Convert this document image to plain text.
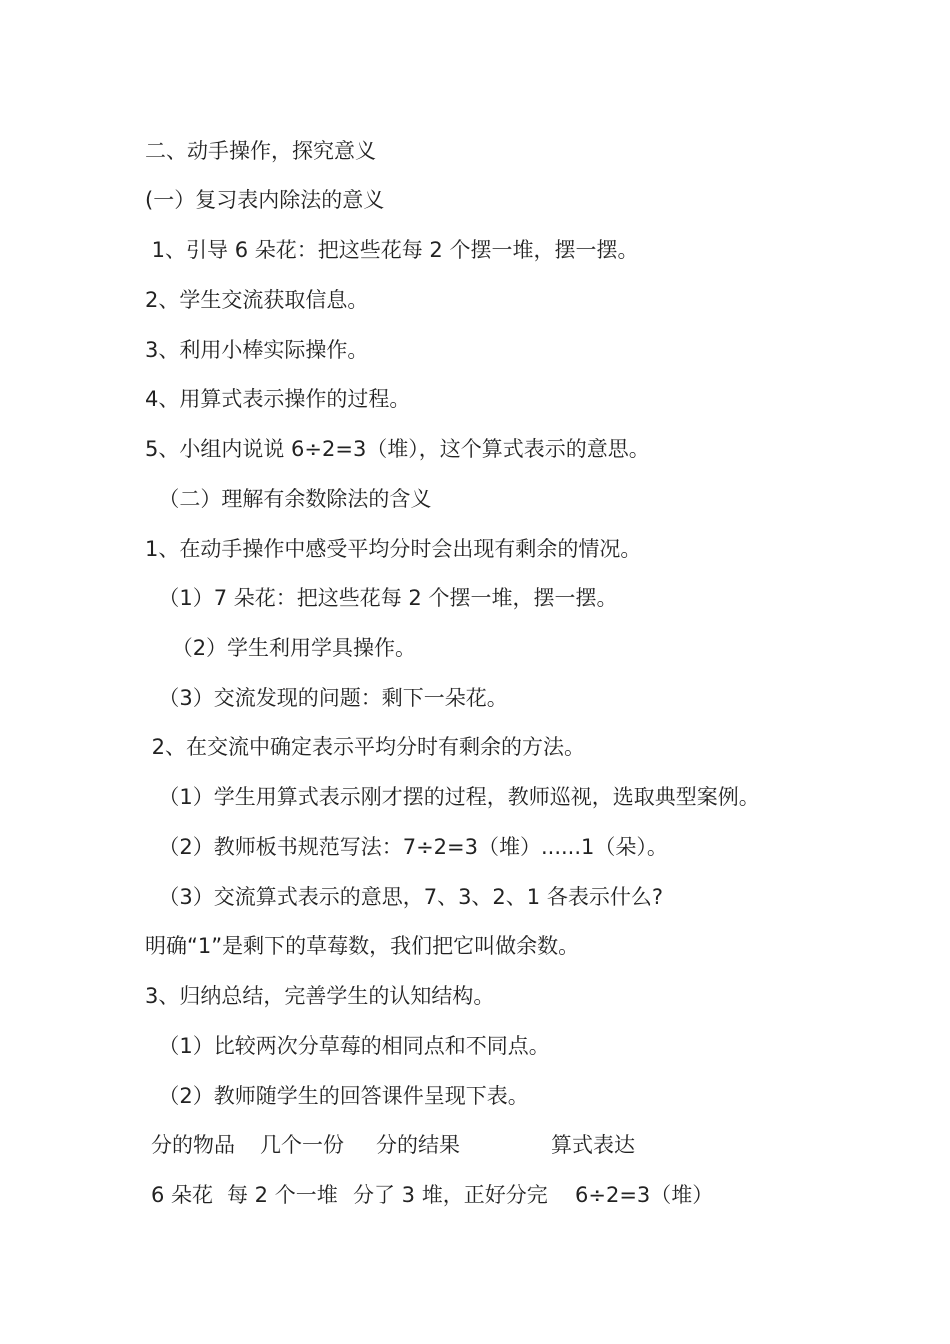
二、动手操作，探究意义
(一）复习表内除法的意义
1、引导 6 朵花：把这些花每 2 个摆一堆，摆一摆。
2、学生交流获取信息。
3、利用小棒实际操作。
4、用算式表示操作的过程。
5、小组内说说 6÷2=3（堆），这个算式表示的意思。
（二）理解有余数除法的含义
1、在动手操作中感受平均分时会出现有剩余的情况。
（1）7 朵花：把这些花每 2 个摆一堆，摆一摆。
（2）学生利用学具操作。
（3）交流发现的问题：剩下一朵花。
2、在交流中确定表示平均分时有剩余的方法。
（1）学生用算式表示刚才摆的过程，教师巡视，选取典型案例。
（2）教师板书规范写法：7÷2=3（堆）......1（朵）。
（3）交流算式表示的意思，7、3、2、1 各表示什么?
明确“1”是剩下的草莓数，我们把它叫做余数。
3、归纳总结，完善学生的认知结构。
（1）比较两次分草莓的相同点和不同点。
（2）教师随学生的回答课件呈现下表。
分的物品 几个一份 分的结果	算式表达
6 朵花 每 2 个一堆 分了 3 堆，正好分完 6÷2=3（堆）
